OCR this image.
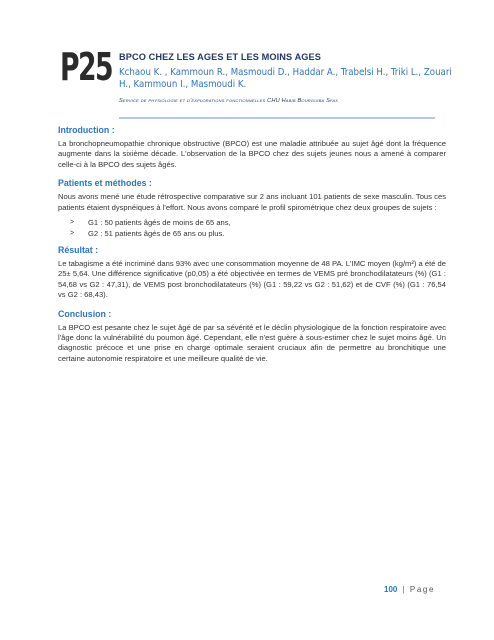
P25 BPCO CHEZ LES AGES ET LES MOINS AGES

Kchaou K. , Kammoun R., Masmoudi D., Haddar A., Trabelsi H., Triki L., Zouari H., Kammoun I., Masmoudi K.

Service de physiologie et d'explorations fonctionnelles CHU Habib Bourguiba Sfax

Introduction :

La bronchopneumopathie chronique obstructive (BPCO) est une maladie attribuée au sujet âgé dont la fréquence augmente dans la sixième décade. L'observation de la BPCO chez des sujets jeunes nous a amené à comparer celle-ci à la BPCO des sujets âgés.

Patients et méthodes :

Nous avons mené une étude rétrospective comparative sur 2 ans incluant 101 patients de sexe masculin. Tous ces patients étaient dyspnéiques à l'effort. Nous avons comparé le profil spirométrique chez deux groupes de sujets :

>	G1 : 50 patients âgés de moins de 65 ans,
>	G2 : 51 patients âgés de 65 ans ou plus.

Résultat :

Le tabagisme a été incriminé dans 93% avec une consommation moyenne de 48 PA. L'IMC moyen (kg/m²) a été de 25± 5,64. Une différence significative (p0,05) a été objectivée en termes de VEMS pré bronchodilatateurs (%) (G1 : 54,68 vs G2 : 47,31), de VEMS post bronchodilatateurs (%) (G1 : 59,22 vs G2 : 51,62) et de CVF (%) (G1 : 76,54 vs G2 : 68,43).

Conclusion :

La BPCO est pesante chez le sujet âgé de par sa sévérité et le déclin physiologique de la fonction respiratoire avec l'âge donc la vulnérabilité du poumon âgé. Cependant, elle n'est guère à sous-estimer chez le sujet moins âgé. Un diagnostic précoce et une prise en charge optimale seraient cruciaux afin de permettre au bronchitique une certaine autonomie respiratoire et une meilleure qualité de vie.

100 | Page
